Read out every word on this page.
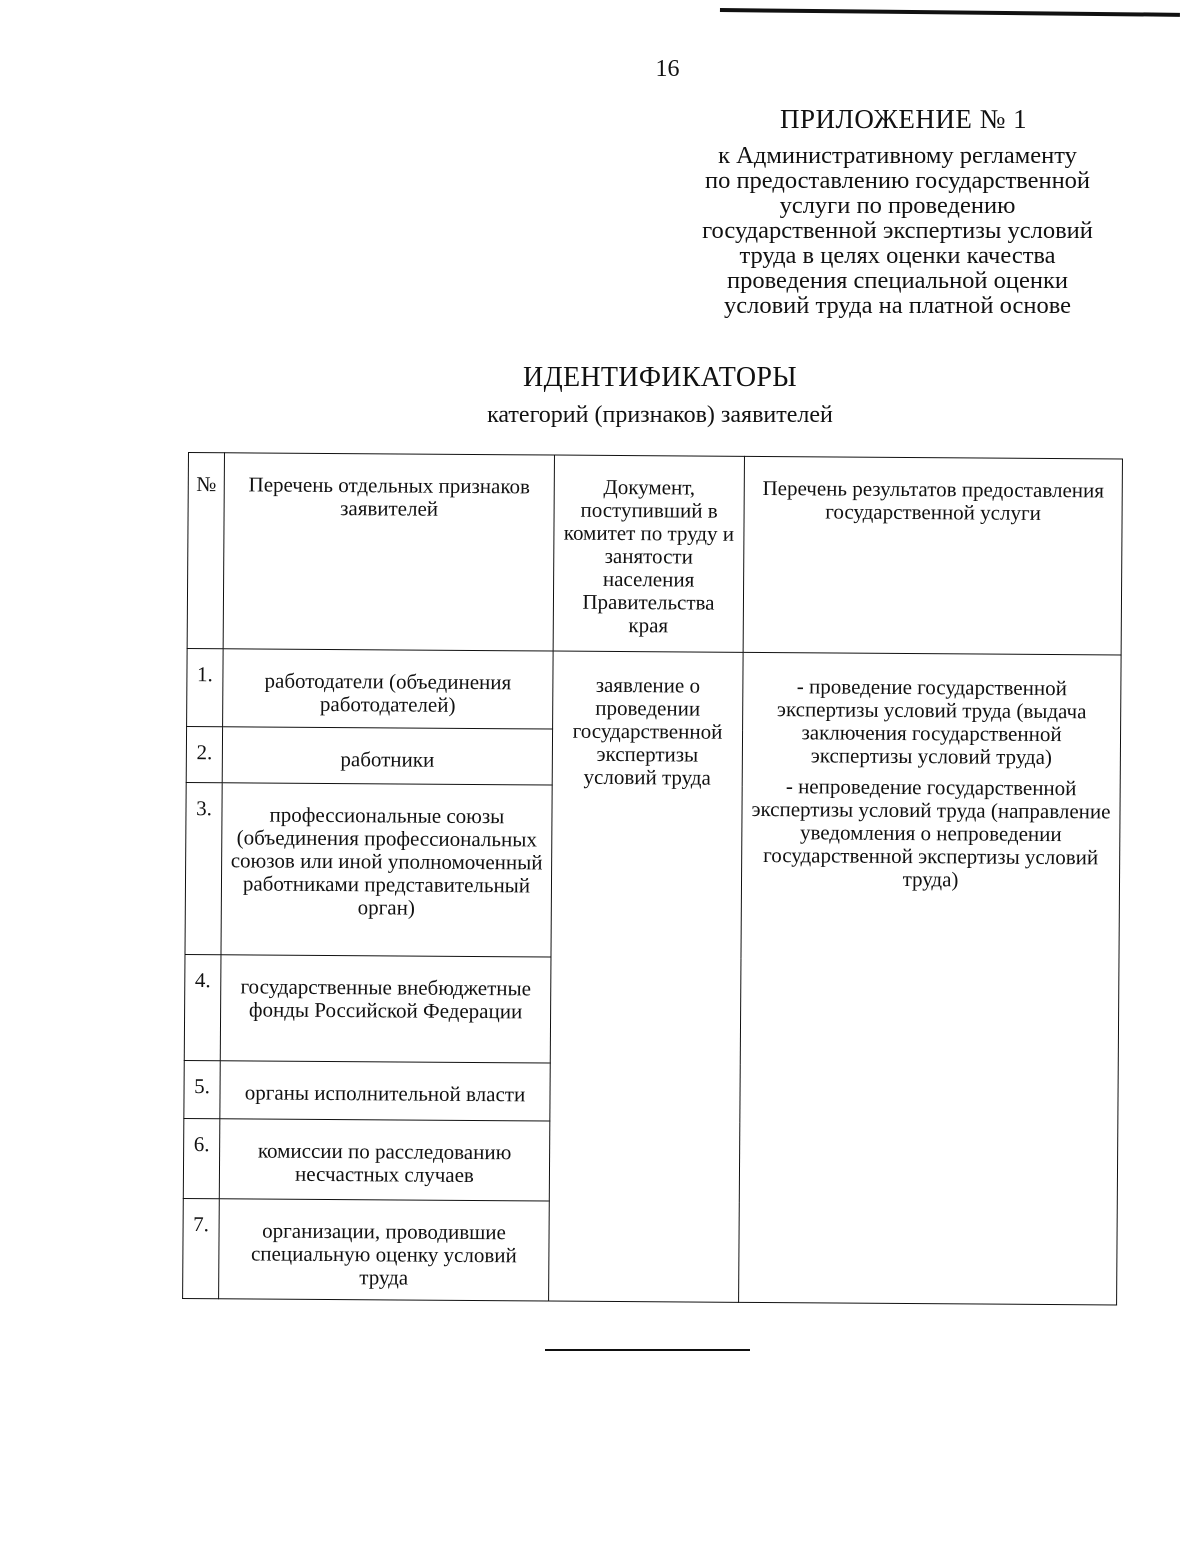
16
ПРИЛОЖЕНИЕ № 1
к Административному регламенту
по предоставлению государственной
услуги по проведению
государственной экспертизы условий
труда в целях оценки качества
проведения специальной оценки
условий труда на платной основе
ИДЕНТИФИКАТОРЫ
категорий (признаков) заявителей
№	Перечень отдельных признаков заявителей	Документ, поступивший в комитет по труду и занятости населения Правительства края	Перечень результатов предоставления государственной услуги
1.	работодатели (объединения работодателей)	заявление о проведении государственной экспертизы условий труда	- проведение государственной экспертизы условий труда (выдача заключения государственной экспертизы условий труда)
- непроведение государственной экспертизы условий труда (направление уведомления о непроведении государственной экспертизы условий труда)

2.	работники		
3.	профессиональные союзы (объединения профессиональных союзов или иной уполномоченный работниками представительный орган)		
4.	государственные внебюджетные фонды Российской Федерации		
5.	органы исполнительной власти		
6.	комиссии по расследованию несчастных случаев		
7.	организации, проводившие специальную оценку условий труда		
